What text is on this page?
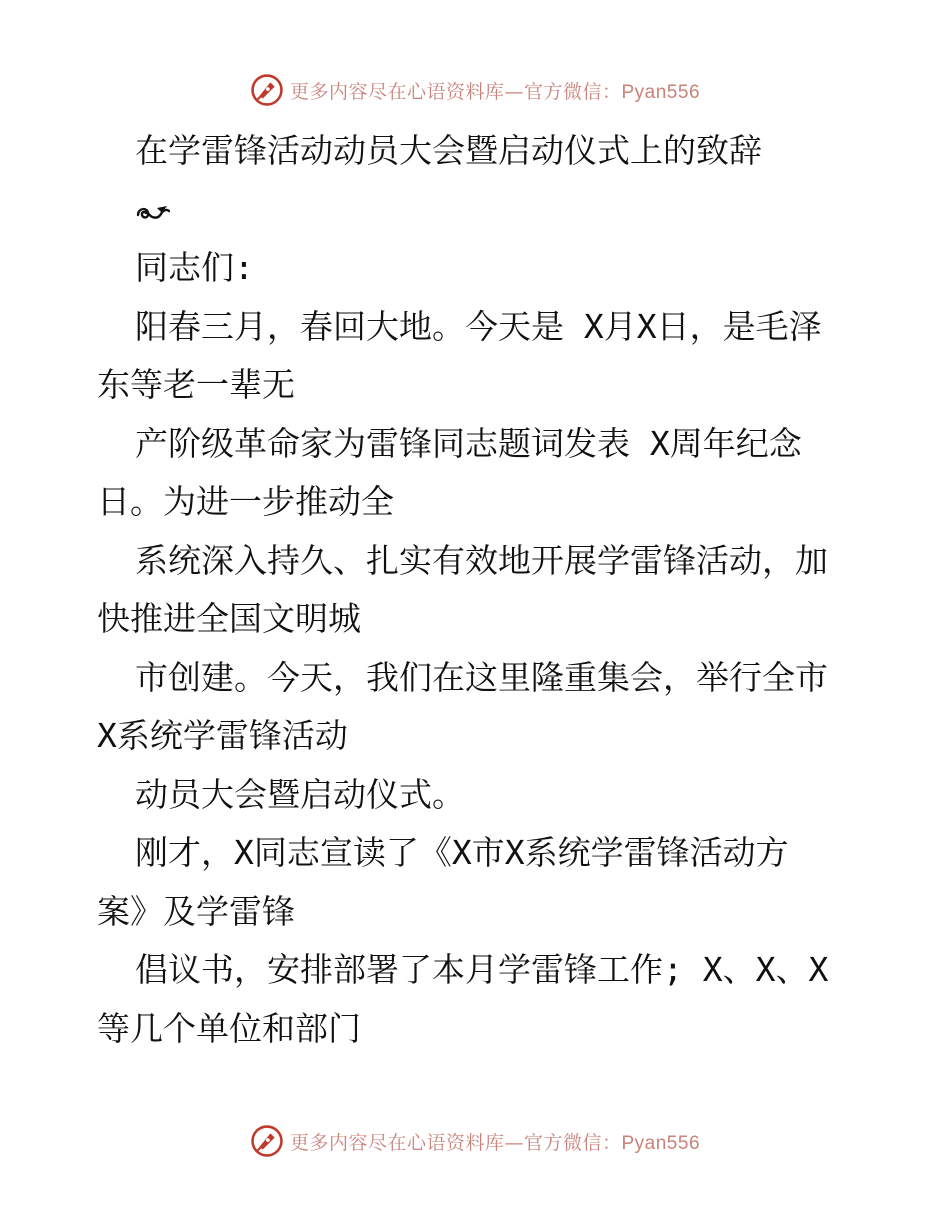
更多内容尽在心语资料库—官方微信：Pyan556
在学雷锋活动动员大会暨启动仪式上的致辞
同志们:
阳春三月，春回大地。今天是 X月X日，是毛泽
东等老一辈无
产阶级革命家为雷锋同志题词发表 X周年纪念
日。为进一步推动全
系统深入持久、扎实有效地开展学雷锋活动，加
快推进全国文明城
市创建。今天，我们在这里隆重集会，举行全市
X系统学雷锋活动
动员大会暨启动仪式。
刚才，X同志宣读了《X市X系统学雷锋活动方
案》及学雷锋
倡议书，安排部署了本月学雷锋工作; X、X、X
等几个单位和部门
更多内容尽在心语资料库—官方微信：Pyan556
